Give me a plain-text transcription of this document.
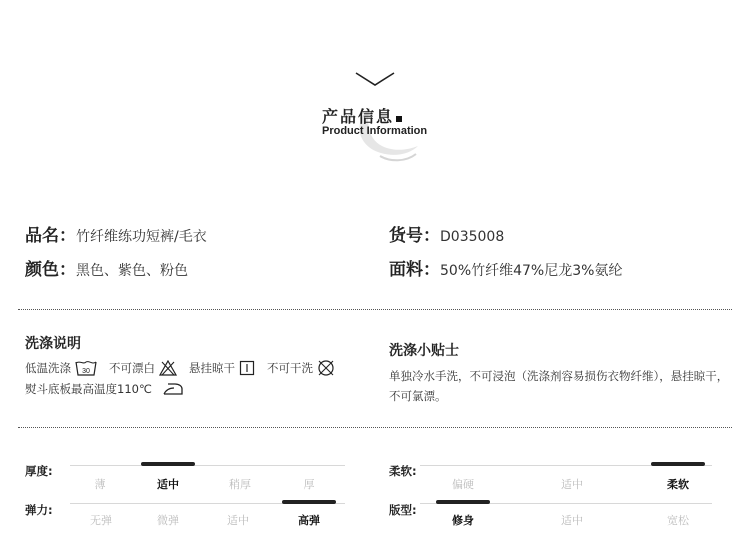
产品信息
Product Information
品名：竹纤维练功短裤/毛衣	货号：D035008
颜色：黑色、紫色、粉色	面料：50%竹纤维47%尼龙3%氨纶
洗涤说明
低温洗涤 30 不可漂白	悬挂晾干	不可干洗
熨斗底板最高温度110℃
洗涤小贴士
单独冷水手洗，不可浸泡（洗涤剂容易损伤衣物纤维），悬挂晾干，不可氯漂。
厚度:
薄	适中	稍厚	厚
弹力:
无弹	微弹	适中	高弹
柔软:
偏硬	适中	柔软
版型:
修身	适中	宽松
